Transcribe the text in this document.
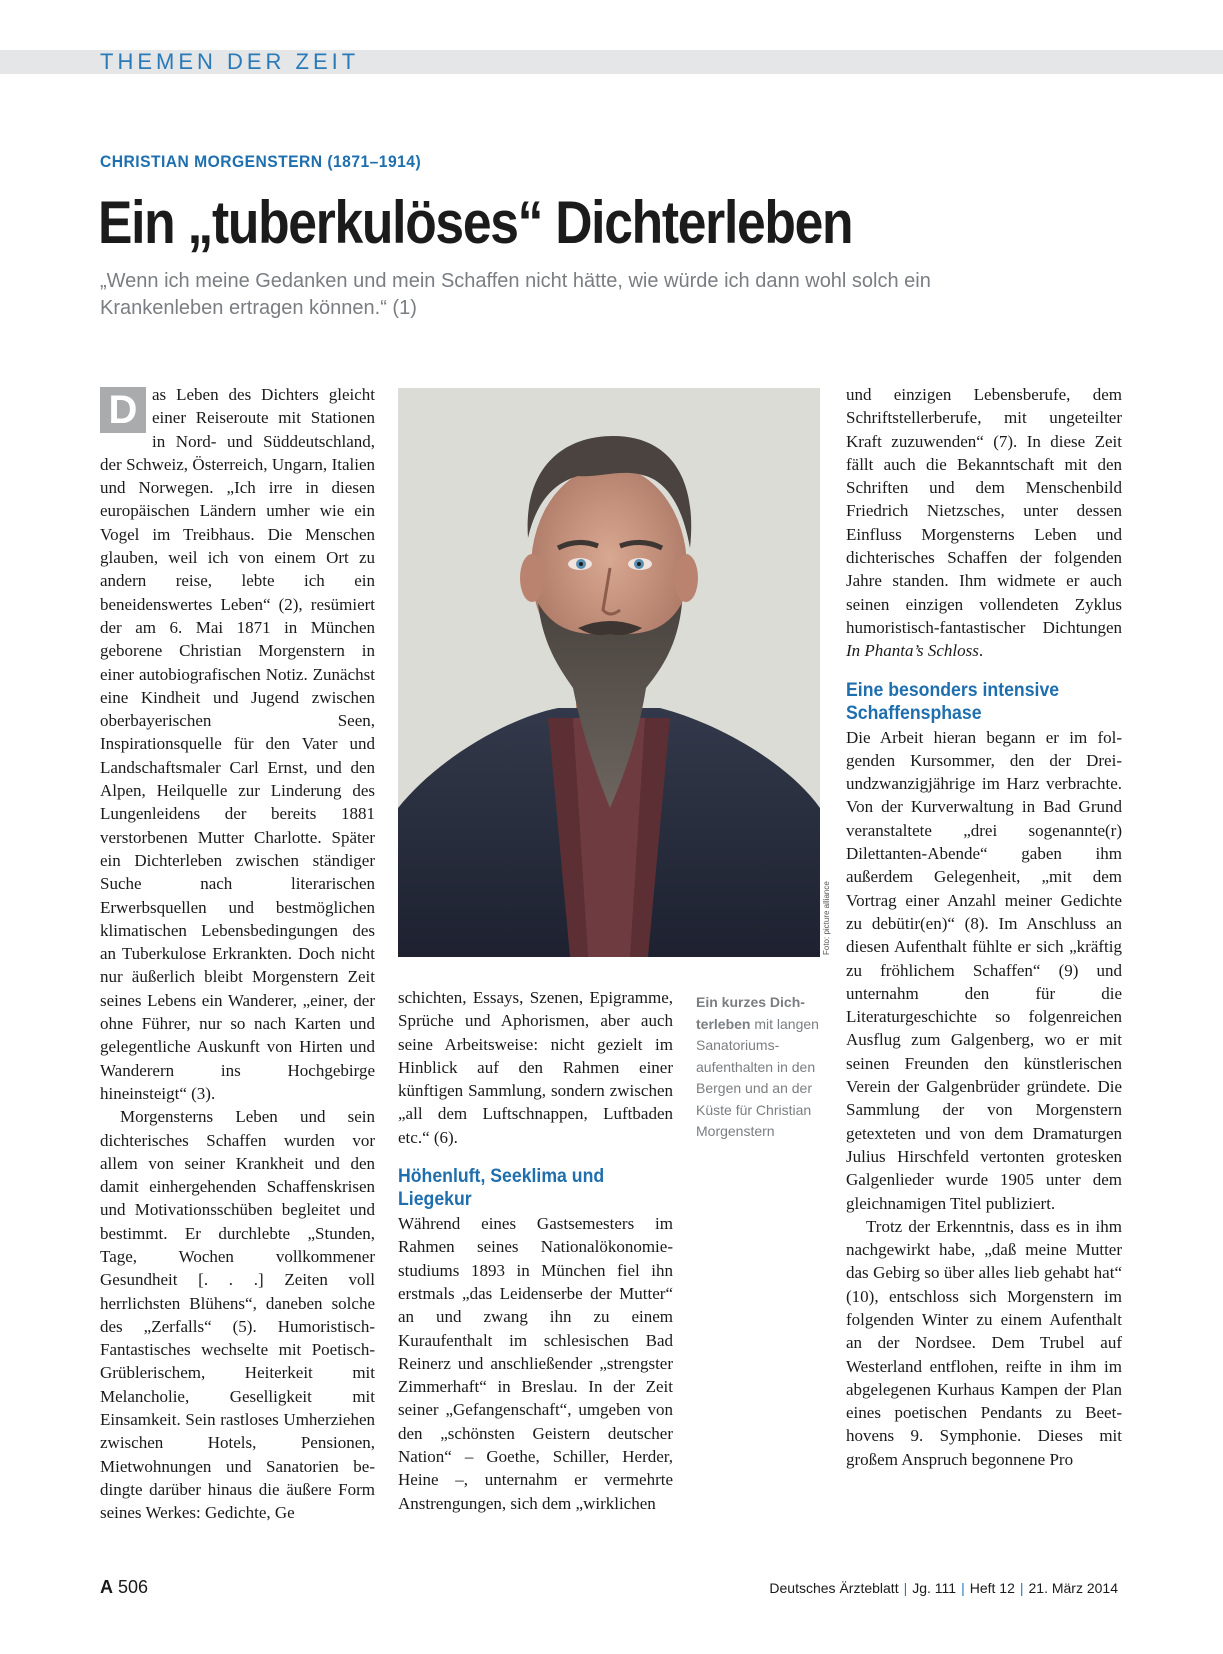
THEMEN DER ZEIT
CHRISTIAN MORGENSTERN (1871–1914)
Ein „tuberkulöses“ Dichterleben
„Wenn ich meine Gedanken und mein Schaffen nicht hätte, wie würde ich dann wohl solch ein Krankenleben ertragen können.“ (1)

D as Leben des Dichters gleicht einer Reiseroute mit Stationen in Nord- und Süddeutschland, der Schweiz, Österreich, Ungarn, Italien und Norwegen. „Ich irre in diesen europäischen Ländern umher wie ein Vogel im Treibhaus. Die Menschen glauben, weil ich von einem Ort zu andern reise, lebte ich ein beneidenswertes Leben“ (2), resümiert der am 6. Mai 1871 in München geborene Christian Morgenstern in einer autobiografischen Notiz. Zunächst eine Kindheit und Jugend zwischen oberbayerischen Seen, Inspirationsquelle für den Vater und Landschaftsmaler Carl Ernst, und den Alpen, Heilquelle zur Linderung des Lungenleidens der bereits 1881 verstorbenen Mutter Charlotte. Später ein Dichterleben zwischen ständiger Suche nach literarischen Erwerbsquellen und bestmöglichen klimatischen Lebensbedingungen des an Tuberkulose Erkrankten. Doch nicht nur äußerlich bleibt Morgenstern Zeit seines Lebens ein Wanderer, „einer, der ohne Führer, nur so nach Karten und gelegentliche Auskunft von Hirten und Wanderern ins Hochgebirge hineinsteigt“ (3).

Morgensterns Leben und sein dichterisches Schaffen wurden vor allem von seiner Krankheit und den damit einhergehenden Schaffenskrisen und Motivationsschüben begleitet und bestimmt. Er durchlebte „Stunden, Tage, Wochen vollkommener Gesundheit [. . .] Zeiten voll herrlichsten Blühens“, daneben solche des „Zerfalls“ (5). Humoristisch-Fantastisches wechselte mit Poetisch-Grüblerischem, Heiterkeit mit Melancholie, Geselligkeit mit Einsamkeit. Sein rastloses Umherziehen zwischen Hotels, Pensionen, Mietwohnungen und Sanatorien bedingte darüber hinaus die äußere Form seines Werkes: Gedichte, Ge

Foto: picture alliance
Ein kurzes Dichterleben mit langen Sanatoriumsaufenthalten in den Bergen und an der Küste für Christian Morgenstern

schichten, Essays, Szenen, Epigramme, Sprüche und Aphorismen, aber auch seine Arbeitsweise: nicht gezielt im Hinblick auf den Rahmen einer künftigen Sammlung, sondern zwischen „all dem Luftschnappen, Luftbaden etc.“ (6).

Höhenluft, Seeklima und Liegekur

Während eines Gastsemesters im Rahmen seines Nationalökonomiestudiums 1893 in München fiel ihn erstmals „das Leidenserbe der Mutter“ an und zwang ihn zu einem Kuraufenthalt im schlesischen Bad Reinerz und anschließender „strengster Zimmerhaft“ in Breslau. In der Zeit seiner „Gefangenschaft“, umgeben von den „schönsten Geistern deutscher Nation“ – Goethe, Schiller, Herder, Heine –, unternahm er vermehrte Anstrengungen, sich dem „wirklichen

und einzigen Lebensberufe, dem Schriftstellerberufe, mit ungeteilter Kraft zuzuwenden“ (7). In diese Zeit fällt auch die Bekanntschaft mit den Schriften und dem Menschenbild Friedrich Nietzsches, unter dessen Einfluss Morgensterns Leben und dichterisches Schaffen der folgenden Jahre standen. Ihm widmete er auch seinen einzigen vollendeten Zyklus humoristisch-fantastischer Dichtungen In Phanta’s Schloss.

Eine besonders intensive Schaffensphase

Die Arbeit hieran begann er im folgenden Kursommer, den der Dreiundzwanzigjährige im Harz verbrachte. Von der Kurverwaltung in Bad Grund veranstaltete „drei sogenannte(r) Dilettanten-Abende“ gaben ihm außerdem Gelegenheit, „mit dem Vortrag einer Anzahl meiner Gedichte zu debütir(en)“ (8). Im Anschluss an diesen Aufenthalt fühlte er sich „kräftig zu fröhlichem Schaffen“ (9) und unternahm den für die Literaturgeschichte so folgenreichen Ausflug zum Galgenberg, wo er mit seinen Freunden den künstlerischen Verein der Galgenbrüder gründete. Die Sammlung der von Morgenstern getexteten und von dem Dramaturgen Julius Hirschfeld vertonten grotesken Galgenlieder wurde 1905 unter dem gleichnamigen Titel publiziert.

Trotz der Erkenntnis, dass es in ihm nachgewirkt habe, „daß meine Mutter das Gebirg so über alles lieb gehabt hat“ (10), entschloss sich Morgenstern im folgenden Winter zu einem Aufenthalt an der Nordsee. Dem Trubel auf Westerland entflohen, reifte in ihm im abgelegenen Kurhaus Kampen der Plan eines poetischen Pendants zu Beethovens 9. Symphonie. Dieses mit großem Anspruch begonnene Pro

A 506	Deutsches Ärzteblatt | Jg. 111 | Heft 12 | 21. März 2014
